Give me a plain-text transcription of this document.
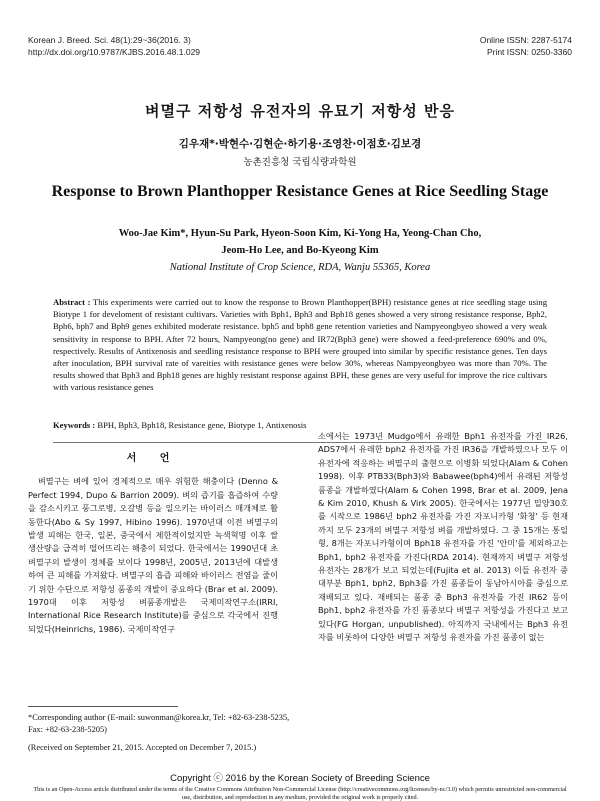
Korean J. Breed. Sci. 48(1):29~36(2016. 3)
http://dx.doi.org/10.9787/KJBS.2016.48.1.029
Online ISSN: 2287-5174
Print ISSN: 0250-3360
벼멸구 저항성 유전자의 유묘기 저항성 반응
김우재*·박현수·김현순·하기용·조영찬·이점호·김보경
농촌진흥청 국립식량과학원
Response to Brown Planthopper Resistance Genes at Rice Seedling Stage
Woo-Jae Kim*, Hyun-Su Park, Hyeon-Soon Kim, Ki-Yong Ha, Yeong-Chan Cho,
Jeom-Ho Lee, and Bo-Kyeong Kim
National Institute of Crop Science, RDA, Wanju 55365, Korea
Abstract : This experiments were carried out to know the response to Brown Planthopper(BPH) resistance genes at rice seedling stage using Biotype 1 for develoment of resistant cultivars. Varieties with Bph1, Bph3 and Bph18 genes showed a very strong resistance response, Bph2, Bph6, bph7 and Bph9 genes exhibited moderate resistance. bph5 and bph8 gene retention varieties and Nampyeongbyeo showed a very weak sensitivity in response to BPH. After 72 hours, Nampyeong(no gene) and IR72(Bph3 gene) were showed a feed-preference 690% and 0%, respectively. Results of Antixenosis and seedling resistance response to BPH were grouped into similar by specific resistance genes. Ten days after inoculation, BPH survival rate of vareities with resistance genes were below 30%, whereas Nampyeongbyeo was more than 70%. The results showed that Bph3 and Bph18 genes are highly resistant response against BPH, these genes are very useful for improve the rice cultivars with various resistance genes
Keywords : BPH, Bph3, Bph18, Resistance gene, Biotype 1, Antixenosis
서 언

벼멸구는 벼에 있어 경제적으로 매우 위험한 해충이다 (Denno & Perfect 1994, Dupo & Barrion 2009). 벼의 즙기를 흡즙하여 수량을 감소시키고 풍그로병, 오갈병 등을 일으키는 바이러스 매개체로 활동한다(Abo & Sy 1997, Hibino 1996). 1970년대 이전 벼멸구의 발생 피해는 한국, 일본, 중국에서 제한적이었지만 녹색혁명 이후 쌀 생산량을 급격히 떨어뜨리는 해충이 되었다. 한국에서는 1990년대 초 벼멸구의 발생이 정체를 보이다 1998년, 2005년, 2013년에 대발생하여 큰 피해를 가져왔다. 벼멸구의 흡즙 피해와 바이러스 전염을 줄이기 위한 수단으로 저항성 품종의 개발이 중요하다 (Brar et al. 2009). 1970대 이후 저항성 벼품종개발은 국제미작연구소(IRRI, International Rice Research Institute)를 중심으로 각국에서 진행되었다(Heinrichs, 1986). 국제미작연구

소에서는 1973년 Mudgo에서 유래한 Bph1 유전자를 가진 IR26, ADS7에서 유래한 bph2 유전자를 가진 IR36을 개발하였으나 모두 이 유전자에 적응하는 벼멸구의 출현으로 이병화 되었다(Alam & Cohen 1998). 이후 PTB33(Bph3)와 Babawee(bph4)에서 유래된 저항성품종을 개발하였다(Alam & Cohen 1998, Brar et al. 2009, Jena & Kim 2010, Khush & Virk 2005). 한국에서는 1977년 밀양30호를 시작으로 1986년 bph2 유전자를 가진 자포니카형 '화청' 등 현재까지 모두 23개의 벼멸구 저항성 벼를 개발하였다. 그 중 15개는 통일형, 8개는 자포니카형이며 Bph18 유전자를 가진 '안미'를 제외하고는 Bph1, bph2 유전자를 가진다(RDA 2014). 현재까지 벼멸구 저항성 유전자는 28개가 보고 되었는데(Fujita et al. 2013) 이들 유전자 중 대부분 Bph1, bph2, Bph3를 가진 품종들이 동남아시아를 중심으로 재배되고 있다. 재배되는 품종 중 Bph3 유전자를 가진 IR62 등이 Bph1, bph2 유전자를 가진 품종보다 벼멸구 저항성을 가진다고 보고 있다(FG Horgan, unpublished). 아직까지 국내에서는 Bph3 유전자를 비롯하여 다양한 벼멸구 저항성 유전자를 가진 품종이 없는

*Corresponding author (E-mail: suwonman@korea.kr, Tel: +82-63-238-5235, Fax: +82-63-238-5205)
(Received on September 21, 2015. Accepted on December 7, 2015.)
Copyright ⓒ 2016 by the Korean Society of Breeding Science
This is an Open-Access article distributed under the terms of the Creative Commons Attribution Non-Commercial License (http://creativecommons.org/licenses/by-nc/3.0) which permits unrestricted non-commercial use, distribution, and reproduction in any medium, provided the original work is properly cited.
